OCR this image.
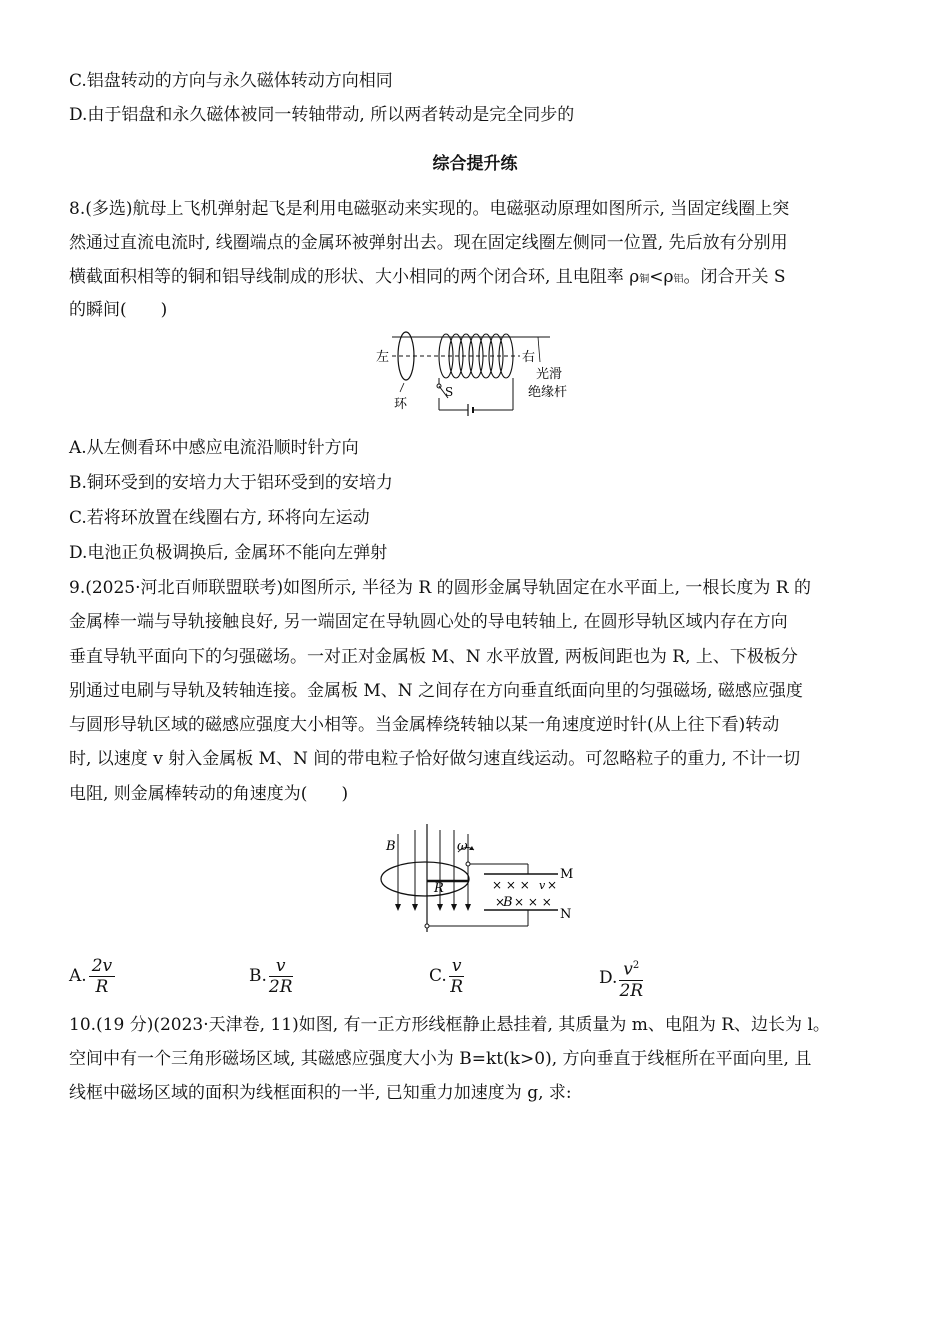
C.铝盘转动的方向与永久磁体转动方向相同
D.由于铝盘和永久磁体被同一转轴带动, 所以两者转动是完全同步的
综合提升练
8.(多选)航母上飞机弹射起飞是利用电磁驱动来实现的。电磁驱动原理如图所示, 当固定线圈上突
然通过直流电流时, 线圈端点的金属环被弹射出去。现在固定线圈左侧同一位置, 先后放有分别用
横截面积相等的铜和铝导线制成的形状、大小相同的两个闭合环, 且电阻率 ρ铜<ρ铝。闭合开关 S
的瞬间(　　)
左	右
环
S
光滑
绝缘杆
A.从左侧看环中感应电流沿顺时针方向
B.铜环受到的安培力大于铝环受到的安培力
C.若将环放置在线圈右方, 环将向左运动
D.电池正负极调换后, 金属环不能向左弹射
9.(2025·河北百师联盟联考)如图所示, 半径为 R 的圆形金属导轨固定在水平面上, 一根长度为 R 的
金属棒一端与导轨接触良好, 另一端固定在导轨圆心处的导电转轴上, 在圆形导轨区域内存在方向
垂直导轨平面向下的匀强磁场。一对正对金属板 M、N 水平放置, 两板间距也为 R, 上、下极板分
别通过电刷与导轨及转轴连接。金属板 M、N 之间存在方向垂直纸面向里的匀强磁场, 磁感应强度
与圆形导轨区域的磁感应强度大小相等。当金属棒绕转轴以某一角速度逆时针(从上往下看)转动
时, 以速度 v 射入金属板 M、N 间的带电粒子恰好做匀速直线运动。可忽略粒子的重力, 不计一切
电阻, 则金属棒转动的角速度为(　　)
B	ω
R
M
N
× × × v ×
×
B × × ×
A. $\frac{2v}{R}$	B. $\frac{v}{2R}$	C. $\frac{v}{R}$	D. $\frac{v^2}{2R}$
10.(19 分)(2023·天津卷, 11)如图, 有一正方形线框静止悬挂着, 其质量为 m、电阻为 R、边长为 l。
空间中有一个三角形磁场区域, 其磁感应强度大小为 B=kt(k>0), 方向垂直于线框所在平面向里, 且
线框中磁场区域的面积为线框面积的一半, 已知重力加速度为 g, 求:
